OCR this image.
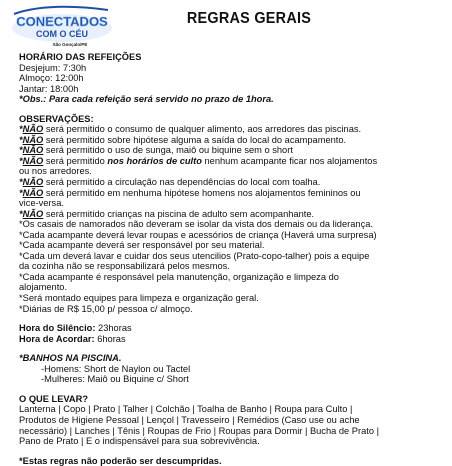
CONECTADOS
COM O CÉU
São Gonçalo/PE
REGRAS GERAIS
HORÁRIO DAS REFEIÇÕES
Desjejum: 7:30h
Almoço: 12:00h
Jantar: 18:00h
*Obs.: Para cada refeição será servido no prazo de 1hora.
OBSERVAÇÕES:
*NÃO será permitido o consumo de qualquer alimento, aos arredores das piscinas.
*NÃO será permitido sobre hipótese alguma a saída do local do acampamento.
*NÃO será permitido o uso de sunga, maiô ou biquine sem o short
*NÃO será permitido nos horários de culto nenhum acampante ficar nos alojamentos
ou nos arredores.
*NÃO será permitido a circulação nas dependências do local com toalha.
*NÃO será permitido em nenhuma hipótese homens nos alojamentos femininos ou
vice-versa.
*NÃO será permitido crianças na piscina de adulto sem acompanhante.
*Os casais de namorados não deveram se isolar da vista dos demais ou da liderança.
*Cada acampante deverá levar roupas e acessórios de criança (Haverá uma surpresa)
*Cada acampante deverá ser responsável por seu material.
*Cada um deverá lavar e cuidar dos seus utencilios (Prato-copo-talher) pois a equipe
da cozinha não se responsabilizará pelos mesmos.
*Cada acampante é responsável pela manutenção, organização e limpeza do
alojamento.
*Será montado equipes para limpeza e organização geral.
*Diárias de R$ 15,00 p/ pessoa c/ almoço.
Hora do Silêncio: 23horas
Hora de Acordar: 6horas
*BANHOS NA PISCINA.
-Homens: Short de Naylon ou Tactel
-Mulheres: Maiô ou Biquine c/ Short
O QUE LEVAR?
Lanterna | Copo | Prato | Talher | Colchão | Toalha de Banho | Roupa para Culto |
Produtos de Higiene Pessoal | Lençol | Travesseiro | Remédios (Caso use ou ache
necessário) | Lanches | Tênis | Roupas de Frio | Roupas para Dormir | Bucha de Prato |
Pano de Prato | E o indispensável para sua sobrevivência.
*Estas regras não poderão ser descumpridas.
